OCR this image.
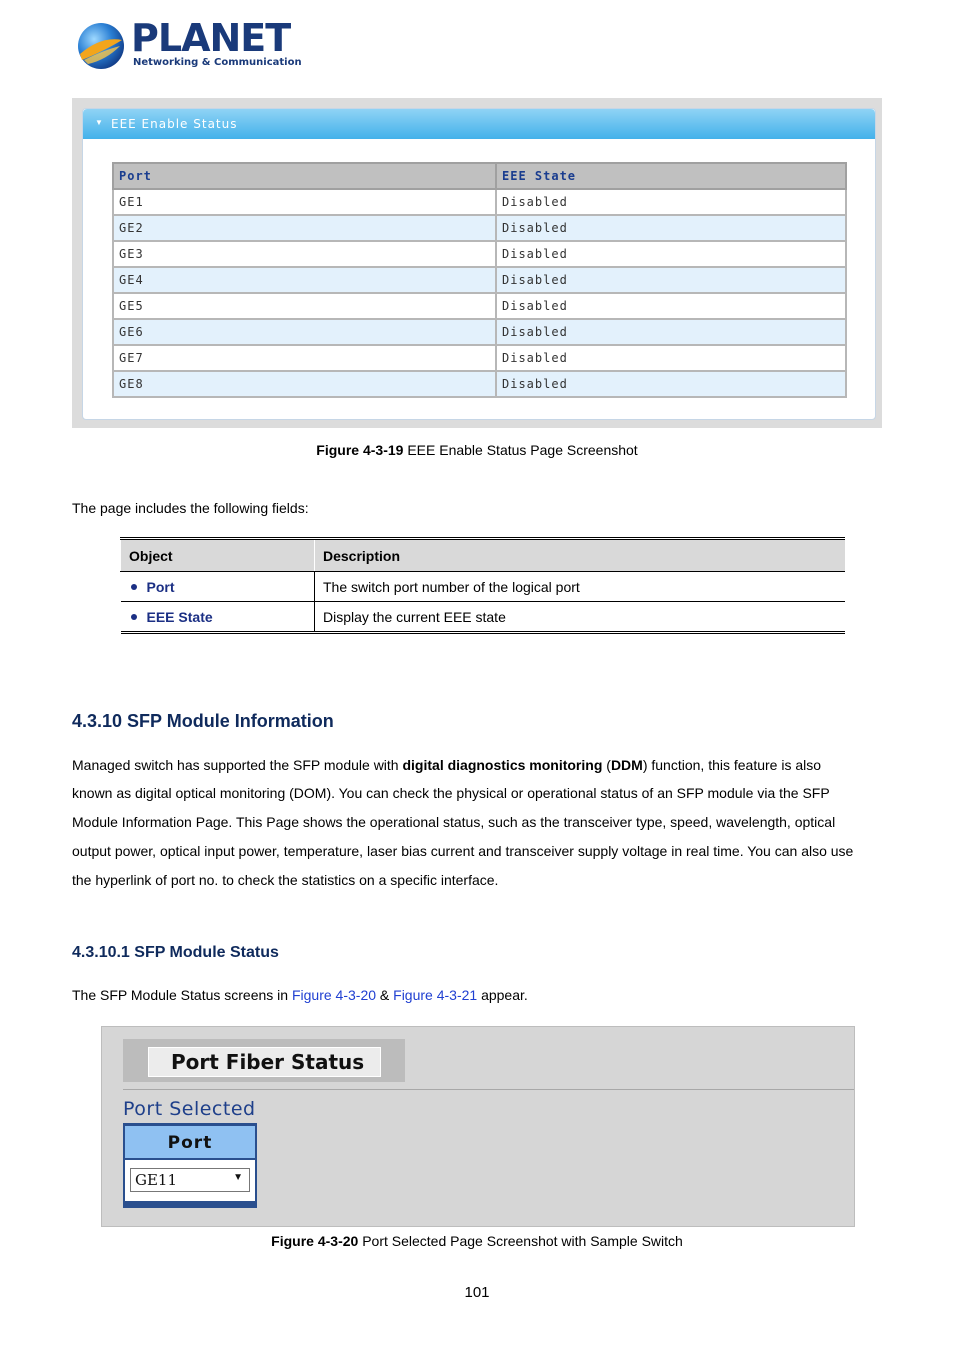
PLANET
Networking & Communication
▼ EEE Enable Status
Port	EEE State
GE1	Disabled
GE2	Disabled
GE3	Disabled
GE4	Disabled
GE5	Disabled
GE6	Disabled
GE7	Disabled
GE8	Disabled
Figure 4-3-19 EEE Enable Status Page Screenshot
The page includes the following fields:
Object	Description
Port	The switch port number of the logical port
EEE State	Display the current EEE state
4.3.10 SFP Module Information
Managed switch has supported the SFP module with digital diagnostics monitoring (DDM) function, this feature is also
known as digital optical monitoring (DOM). You can check the physical or operational status of an SFP module via the SFP
Module Information Page. This Page shows the operational status, such as the transceiver type, speed, wavelength, optical
output power, optical input power, temperature, laser bias current and transceiver supply voltage in real time. You can also use
the hyperlink of port no. to check the statistics on a specific interface.
4.3.10.1 SFP Module Status
The SFP Module Status screens in Figure 4-3-20 & Figure 4-3-21 appear.
Port Fiber Status
Port Selected
Port
GE11	▼
Figure 4-3-20 Port Selected Page Screenshot with Sample Switch
101
